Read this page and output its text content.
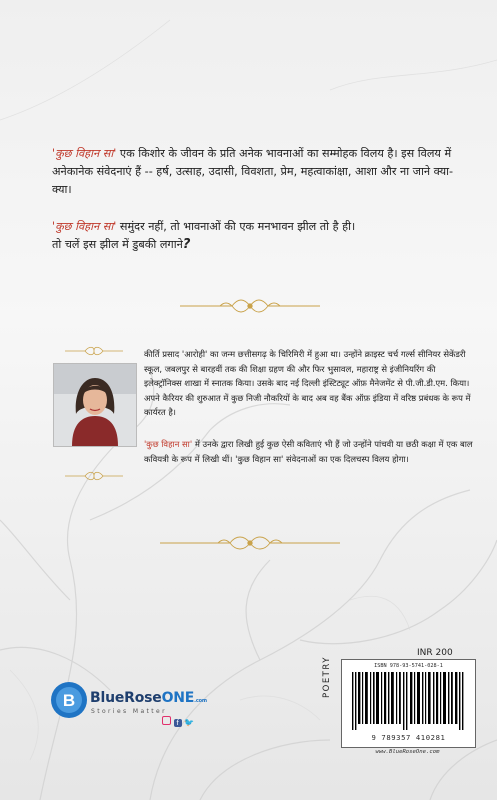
'कुछ विहान सा' एक किशोर के जीवन के प्रति अनेक भावनाओं का सम्मोहक विलय है। इस विलय में अनेकानेक संवेदनाएं हैं -- हर्ष, उत्साह, उदासी, विवशता, प्रेम, महत्वाकांक्षा, आशा और ना जाने क्या-क्या।
'कुछ विहान सा' समुंदर नहीं, तो भावनाओं की एक मनभावन झील तो है ही।
तो चलें इस झील में डुबकी लगाने?
कीर्ति प्रसाद 'आरोही' का जन्म छत्तीसगढ़ के चिरिमिरी में हुआ था। उन्होंने क्राइस्ट चर्च गर्ल्स सीनियर सेकेंडरी स्कूल, जबलपुर से बारहवीं तक की शिक्षा ग्रहण की और फिर भुसावल, महाराष्ट्र से इंजीनियरिंग की इलेक्ट्रॉनिक्स शाखा में स्नातक किया। उसके बाद नई दिल्ली इंस्टिट्यूट ऑफ़ मैनेजमेंट से पी.जी.डी.एम. किया। अपने कैरियर की शुरुआत में कुछ निजी नौकरियों के बाद अब वह बैंक ऑफ़ इंडिया में वरिष्ठ प्रबंधक के रूप में कार्यरत है।
'कुछ विहान सा' में उनके द्वारा लिखी हुई कुछ ऐसी कविताएं भी हैं जो उन्होंने पांचवी या छठी कक्षा में एक बाल कवियत्री के रूप में लिखी थीं। 'कुछ विहान सा' संवेदनाओं का एक दिलचस्प विलय होगा।
B BlueRoseONE.com
Stories Matter
f 🐦
INR 200
POETRY	ISBN 978-93-5741-028-1
9 789357 410281
www.BlueRoseOne.com
